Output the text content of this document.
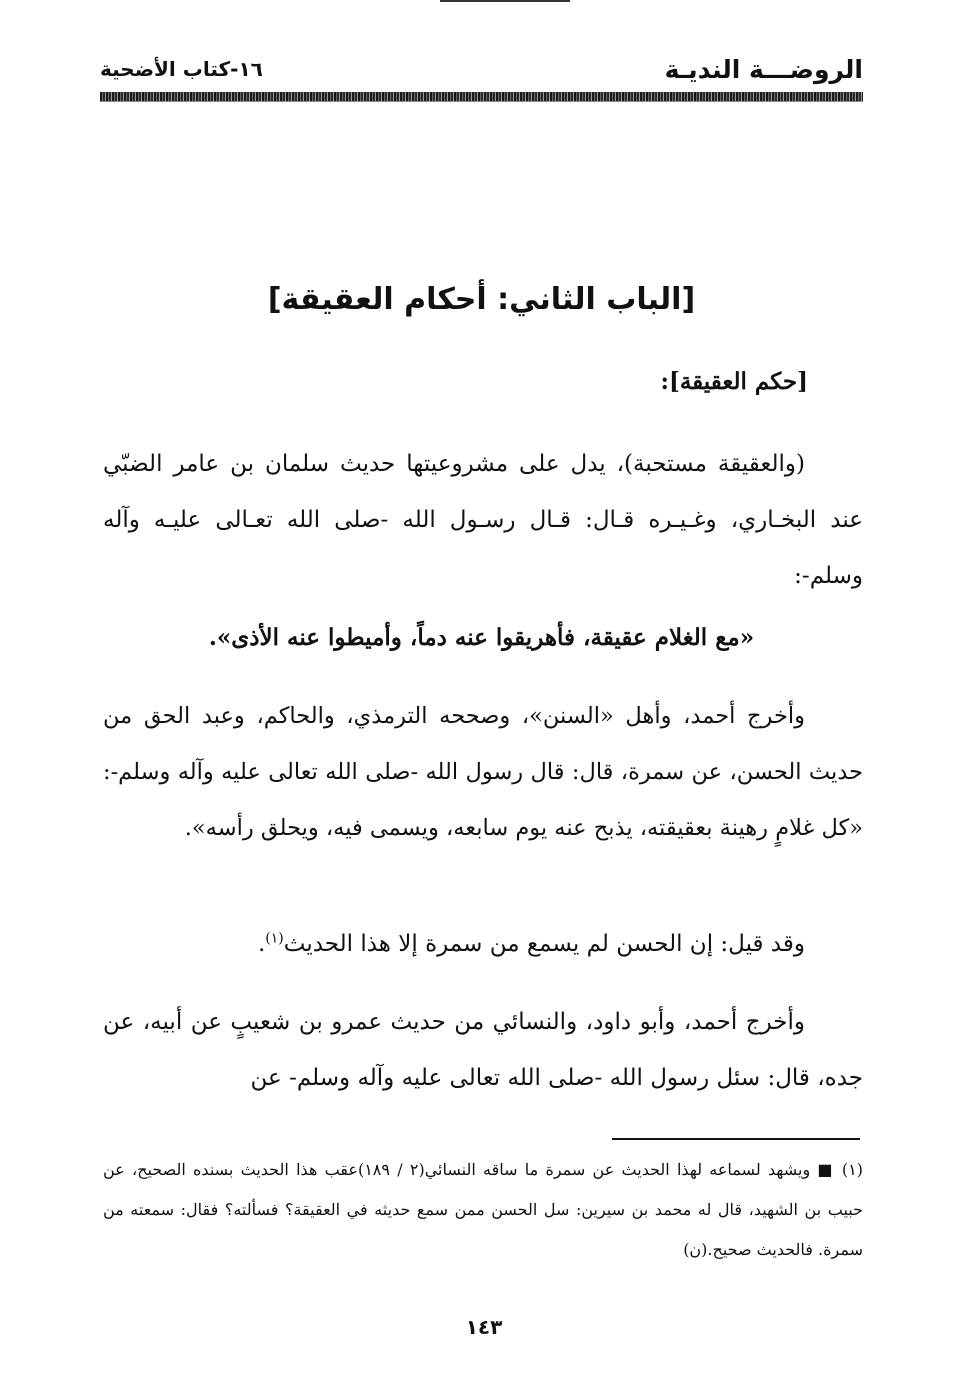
الروضـــة النديـة
١٦-كتاب الأضحية
[الباب الثاني: أحكام العقيقة]
[حكم العقيقة]:
(والعقيقة مستحبة)، يدل على مشروعيتها حديث سلمان بن عامر الضبّي عند البخـاري، وغـيـره قـال: قـال رسـول الله -صلى الله تعـالى عليـه وآله وسلم-:
«مع الغلام عقيقة، فأهريقوا عنه دماً، وأميطوا عنه الأذى».
وأخرج أحمد، وأهل «السنن»، وصححه الترمذي، والحاكم، وعبد الحق من حديث الحسن، عن سمرة، قال: قال رسول الله -صلى الله تعالى عليه وآله وسلم-: «كل غلامٍ رهينة بعقيقته، يذبح عنه يوم سابعه، ويسمى فيه، ويحلق رأسه».
وقد قيل: إن الحسن لم يسمع من سمرة إلا هذا الحديث$^{(١)}$.
وأخرج أحمد، وأبو داود، والنسائي من حديث عمرو بن شعيبٍ عن أبيه، عن جده، قال: سئل رسول الله -صلى الله تعالى عليه وآله وسلم- عن
(١) ■ ويشهد لسماعه لهذا الحديث عن سمرة ما ساقه النسائي(٢ / ١٨٩)عقب هذا الحديث بسنده الصحيح، عن حبيب بن الشهيد، قال له محمد بن سيرين: سل الحسن ممن سمع حديثه في العقيقة؟ فسألته؟ فقال: سمعته من سمرة. فالحديث صحيح.(ن)
١٤٣
